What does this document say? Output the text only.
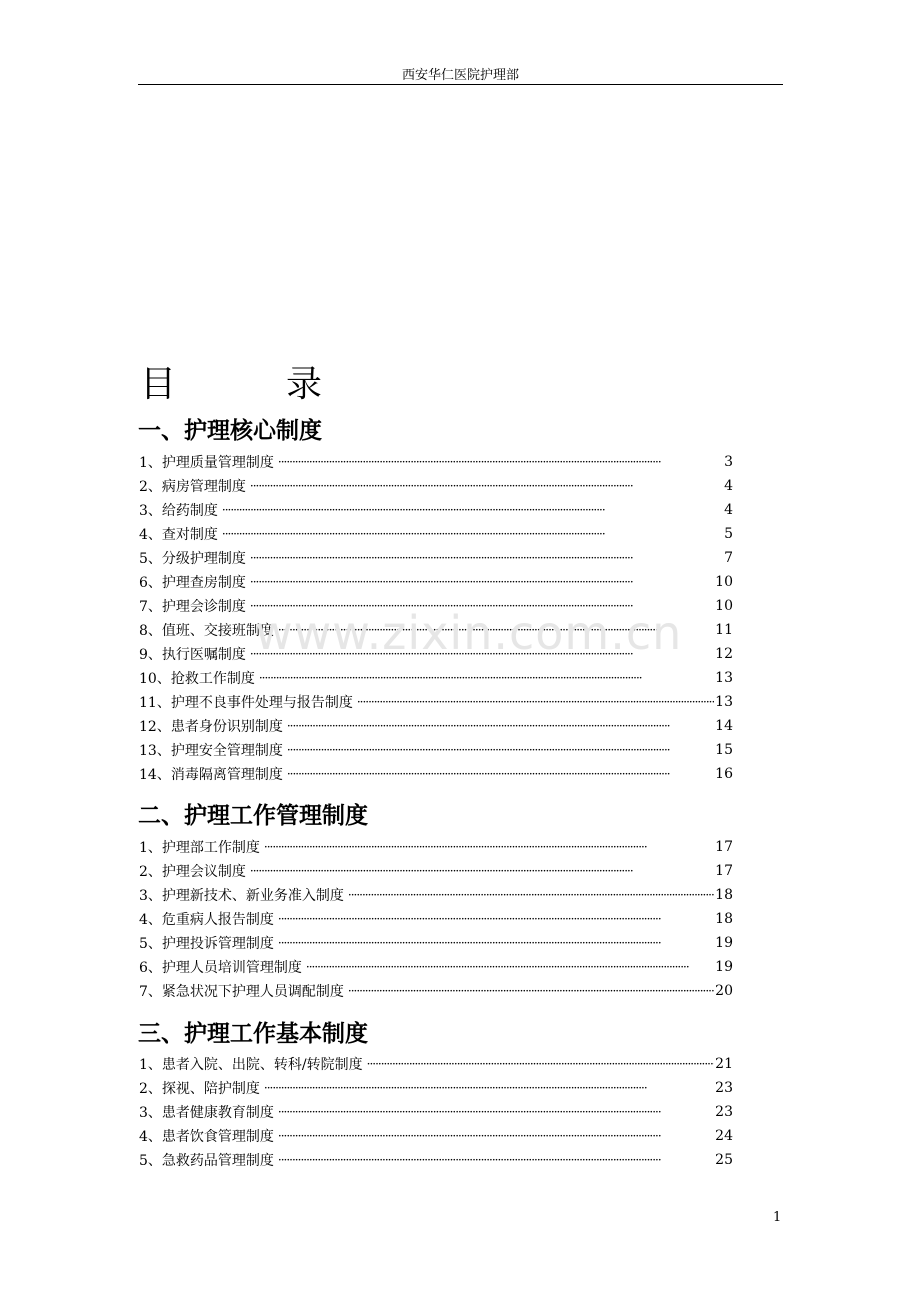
西安华仁医院护理部
目	录
一、护理核心制度
1、护理质量管理制度 ·····	3
2、病房管理制度 ·····	4
3、给药制度 ·····	4
4、查对制度 ·····	5
5、分级护理制度 ·····	7
6、护理查房制度 ·····	10
7、护理会诊制度 ·····	10
8、值班、交接班制度 ·····	11
9、执行医嘱制度 ·····	12
10、抢救工作制度 ·····	13
11、护理不良事件处理与报告制度 ·····	13
12、患者身份识别制度 ·····	14
13、护理安全管理制度 ·····	15
14、消毒隔离管理制度 ·····	16
二、护理工作管理制度
1、护理部工作制度 ·····	17
2、护理会议制度 ·····	17
3、护理新技术、新业务准入制度 ·····	18
4、危重病人报告制度 ·····	18
5、护理投诉管理制度 ·····	19
6、护理人员培训管理制度 ·····	19
7、紧急状况下护理人员调配制度 ·····	20
三、护理工作基本制度
1、患者入院、出院、转科/转院制度 ·····	21
2、探视、陪护制度 ·····	23
3、患者健康教育制度 ·····	23
4、患者饮食管理制度 ·····	24
5、急救药品管理制度 ·····	25
www.zixin.com.cn
1
